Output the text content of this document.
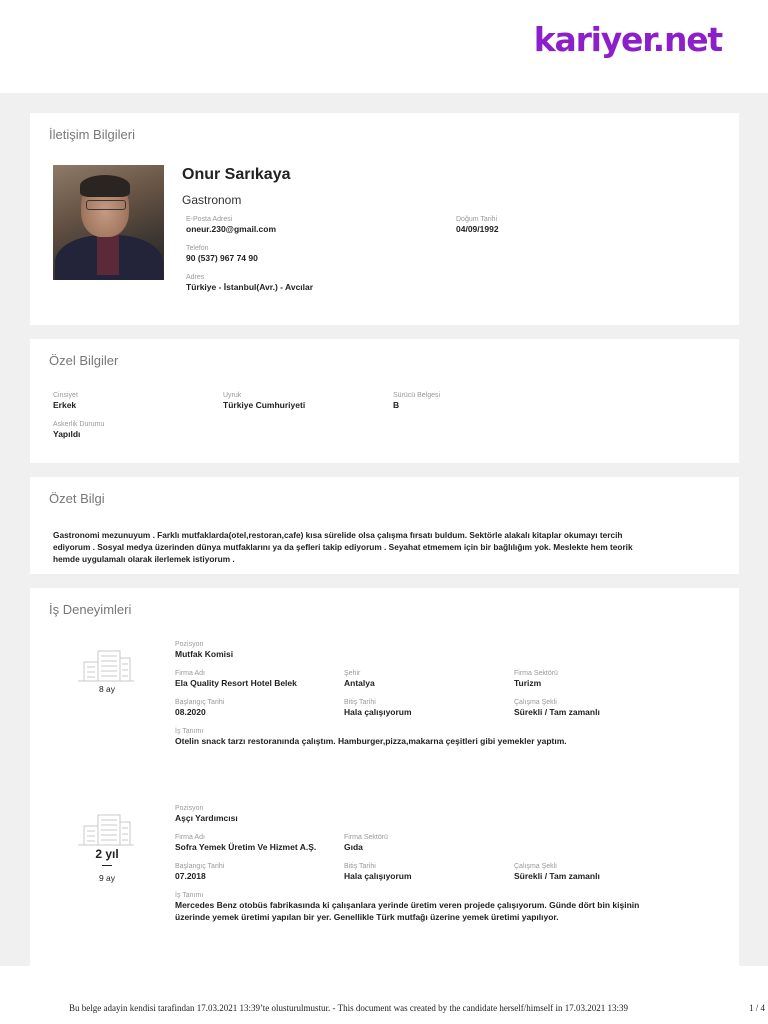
kariyer.net
İletişim Bilgileri
Onur Sarıkaya
Gastronom
E-Posta Adresi
oneur.230@gmail.com
Doğum Tarihi
04/09/1992
Telefon
90 (537) 967 74 90
Adres
Türkiye - İstanbul(Avr.) - Avcılar
Özel Bilgiler
Cinsiyet
Erkek
Uyruk
Türkiye Cumhuriyeti
Sürücü Belgesi
B
Askerlik Durumu
Yapıldı
Özet Bilgi
Gastronomi mezunuyum . Farklı mutfaklarda(otel,restoran,cafe) kısa sürelide olsa çalışma fırsatı buldum. Sektörle alakalı kitaplar okumayı tercih
ediyorum . Sosyal medya üzerinden dünya mutfaklarını ya da şefleri takip ediyorum . Seyahat etmemem için bir bağlılığım yok. Meslekte hem teorik
hemde uygulamalı olarak ilerlemek istiyorum .
İş Deneyimleri
8 ay
Pozisyon
Mutfak Komisi
Firma Adı
Ela Quality Resort Hotel Belek
Şehir
Antalya
Firma Sektörü
Turizm
Başlangıç Tarihi
08.2020
Bitiş Tarihi
Hala çalışıyorum
Çalışma Şekli
Sürekli / Tam zamanlı
İş Tanımı
Otelin snack tarzı restoranında çalıştım. Hamburger,pizza,makarna çeşitleri gibi yemekler yaptım.
2 yıl
9 ay
Pozisyon
Aşçı Yardımcısı
Firma Adı
Sofra Yemek Üretim Ve Hizmet A.Ş.
Firma Sektörü
Gıda
Başlangıç Tarihi
07.2018
Bitiş Tarihi
Hala çalışıyorum
Çalışma Şekli
Sürekli / Tam zamanlı
İş Tanımı
Mercedes Benz otobüs fabrikasında ki çalışanlara yerinde üretim veren projede çalışıyorum. Günde dört bin kişinin
üzerinde yemek üretimi yapılan bir yer. Genellikle Türk mutfağı üzerine yemek üretimi yapılıyor.
Bu belge adayin kendisi tarafindan 17.03.2021 13:39’te olusturulmustur. - This document was created by the candidate herself/himself in 17.03.2021 13:39	1 / 4
